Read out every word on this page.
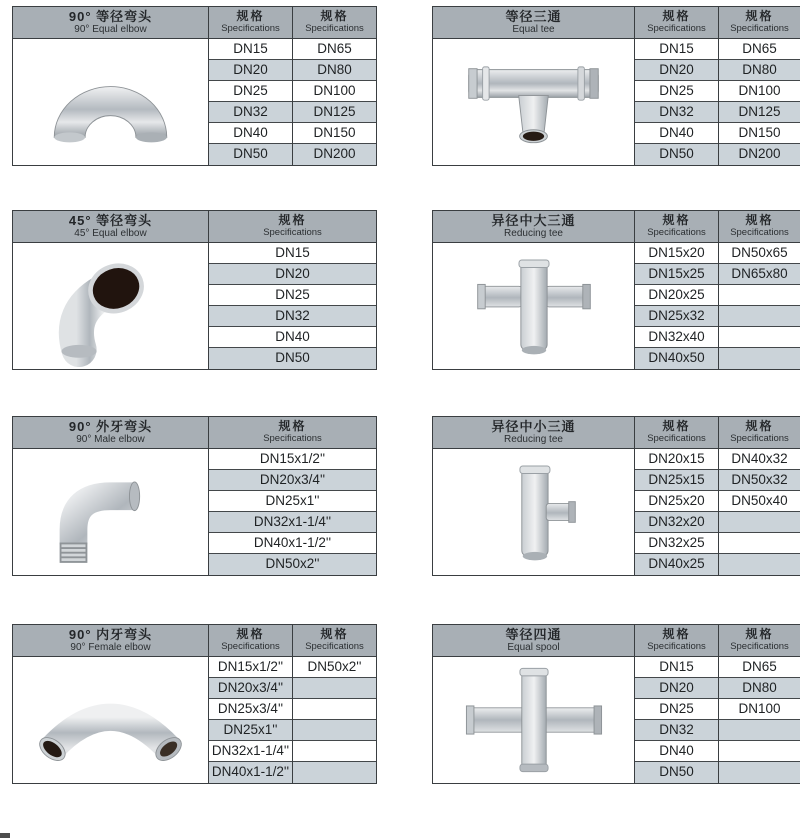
90° 等径弯头
90° Equal elbow
规格
Specifications
规格
Specifications
DN15
DN20
DN25
DN32
DN40
DN50
DN65
DN80
DN100
DN125
DN150
DN200
等径三通
Equal tee
规格
Specifications
规格
Specifications
DN15
DN20
DN25
DN32
DN40
DN50
DN65
DN80
DN100
DN125
DN150
DN200
45° 等径弯头
45° Equal elbow
规格
Specifications
DN15
DN20
DN25
DN32
DN40
DN50
异径中大三通
Reducing tee
规格
Specifications
规格
Specifications
DN15x20
DN15x25
DN20x25
DN25x32
DN32x40
DN40x50
DN50x65
DN65x80
90° 外牙弯头
90° Male elbow
规格
Specifications
DN15x1/2''
DN20x3/4''
DN25x1''
DN32x1-1/4''
DN40x1-1/2''
DN50x2''
异径中小三通
Reducing tee
规格
Specifications
规格
Specifications
DN20x15
DN25x15
DN25x20
DN32x20
DN32x25
DN40x25
DN40x32
DN50x32
DN50x40
90° 内牙弯头
90° Female elbow
规格
Specifications
规格
Specifications
DN15x1/2''
DN20x3/4''
DN25x3/4''
DN25x1''
DN32x1-1/4''
DN40x1-1/2''
DN50x2''
等径四通
Equal spool
规格
Specifications
规格
Specifications
DN15
DN20
DN25
DN32
DN40
DN50
DN65
DN80
DN100
